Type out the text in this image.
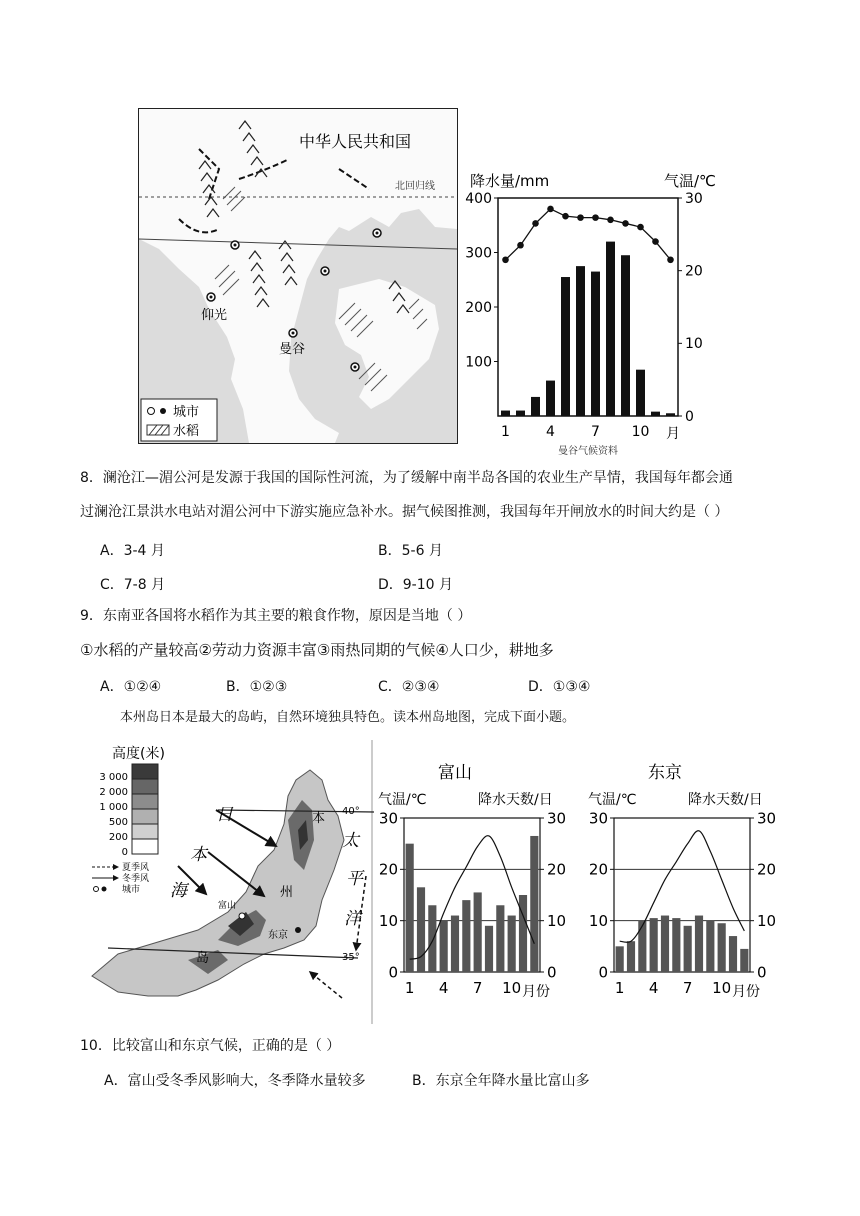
中华人民共和国
北回归线
仰光
曼谷
城市
水稻
降水量/mm	气温/℃
100
200
300
400
0
10
20
30
1	4	7 10 月
曼谷气候资料
8．澜沧江—湄公河是发源于我国的国际性河流，为了缓解中南半岛各国的农业生产旱情，我国每年都会通
过澜沧江景洪水电站对湄公河中下游实施应急补水。据气候图推测，我国每年开闸放水的时间大约是（ ）
A．3-4 月	B．5-6 月
C．7-8 月	D．9-10 月
9．东南亚各国将水稻作为其主要的粮食作物，原因是当地（ ）
①水稻的产量较高②劳动力资源丰富③雨热同期的气候④人口少，耕地多
A．①②④	B．①②③	C．②③④	D．①③④
本州岛日本是最大的岛屿，自然环境独具特色。读本州岛地图，完成下面小题。
高度(米)
3 000
2 000
1 000
500
200
0
夏季风
冬季风
城市
日
本
海
本
州
岛
太
平
洋
富山
东京
40°
35°
富山
气温/℃	降水天数/日
0
10
20
30
0
10
20
30
1 4 7 10 月份
东京
气温/℃	降水天数/日
0
10
20
30
0
10
20
30
1 4 7 10 月份
10．比较富山和东京气候，正确的是（ ）
A．富山受冬季风影响大，冬季降水量较多	B．东京全年降水量比富山多
